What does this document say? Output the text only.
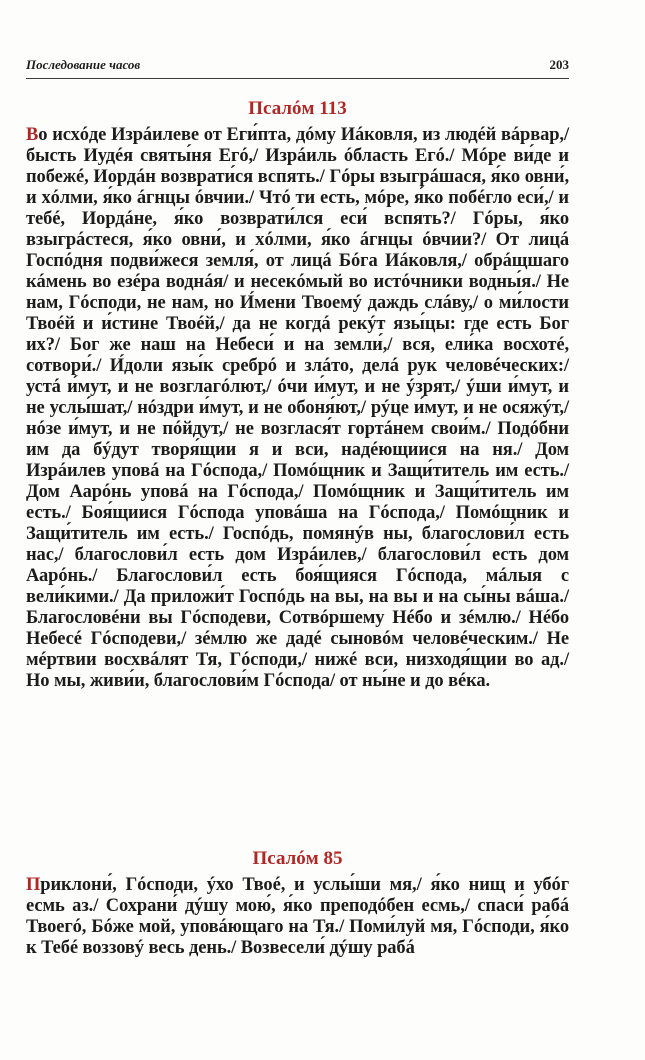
Последование часов	203
Псалóм 113

Во исхóде Изрáилеве от Еги́пта, дóму Иáковля, из людéй вáрвар,/ бысть Иудéя святы́ня Егó,/ Изрáиль óбласть Егó./ Мóре ви́де и побежé, Иордáн возврати́ся вспять./ Гóры взыгрáшася, я́ко овни́, и хóлми, я́ко áгнцы óвчии./ Чтó ти есть, мóре, я́ко побéгло еси́,/ и тебé, Иордáне, я́ко возврати́лся еси́ вспять?/ Гóры, я́ко взыгрáстеся, я́ко овни́, и хóлми, я́ко áгнцы óвчии?/ От лицá Госпóдня подви́жеся земля́, от лицá Бóга Иáковля,/ обрáщшаго кáмень во езéра воднáя/ и несекóмый во истóчники водны́я./ Не нам, Гóсподи, не нам, но И́мени Твоемý даждь слáву,/ о ми́лости Твоéй и и́стине Твоéй,/ да не когдá рекýт язы́цы: где есть Бог их?/ Бог же наш на Небеси́ и на земли́,/ вся, ели́ка восхотé, сотвори́./ И́доли язы́к сребрó и злáто, делá рук человéческих:/ устá и́мут, и не возглагóлют,/ óчи и́мут, и не ýзрят,/ ýши и́мут, и не услы́шат,/ нóздри и́мут, и не обоня́ют,/ рýце и́мут, и не осяжýт,/ нóзе и́мут, и не пóйдут,/ не возглася́т гортáнем свои́м./ Подóбни им да бýдут творя́щии я и вси, надéющиися на ня./ Дом Изрáилев уповá на Гóспода,/ Помóщник и Защи́титель им есть./ Дом Аарóнь уповá на Гóспода,/ Помóщник и Защи́титель им есть./ Боя́щиися Гóспода уповáша на Гóспода,/ Помóщник и Защи́титель им есть./ Госпóдь, помянýв ны, благослови́л есть нас,/ благослови́л есть дом Изрáилев,/ благослови́л есть дом Аарóнь./ Благослови́л есть боя́щияся Гóспода, мáлыя с вели́кими./ Да приложи́т Госпóдь на вы, на вы и на сы́ны вáша./ Благословéни вы Гóсподеви, Сотвóршему Нéбо и зéмлю./ Нéбо Небесé Гóсподеви,/ зéмлю же дадé сыновóм человéческим./ Не мéртвии восхвáлят Тя, Гóсподи,/ нижé вси, низходя́щии во ад./ Но мы, живи́и, благослови́м Гóспода/ от ны́не и до вéка.

Псалóм 85

Приклони́, Гóсподи, ýхо Твоé, и услы́ши мя,/ я́ко нищ и убóг есмь аз./ Сохрани́ дýшу мою́, я́ко преподóбен есмь,/ спаси́ рабá Твоегó, Бóже мой, уповáющаго на Тя./ Поми́луй мя, Гóсподи, я́ко к Тебé воззовý весь день./ Возвесели́ дýшу рабá
